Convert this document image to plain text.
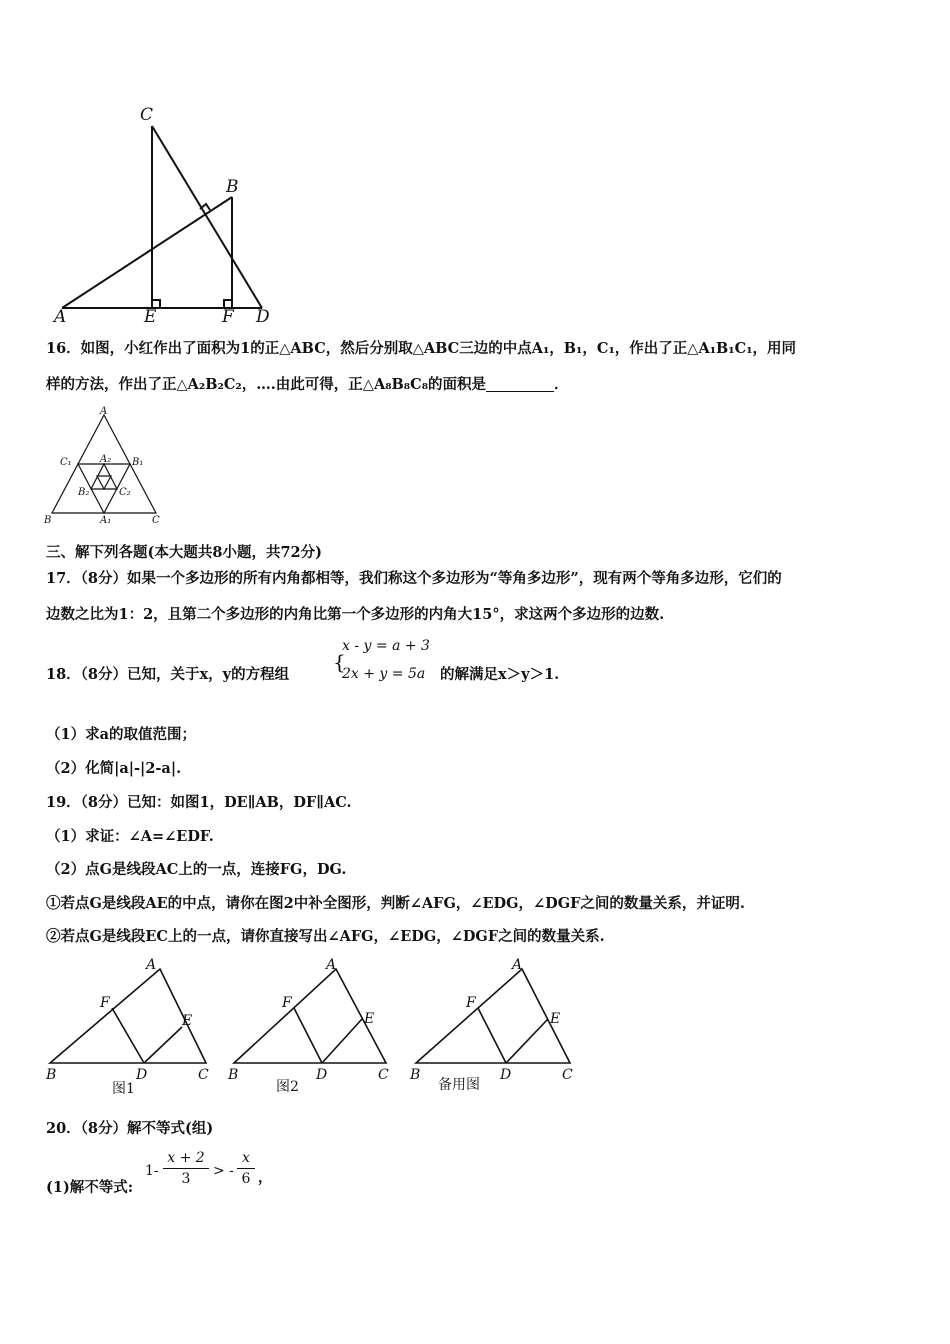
C
B
A	E	F D
16．如图，小红作出了面积为1的正△ABC，然后分别取△ABC三边的中点A₁，B₁，C₁，作出了正△A₁B₁C₁，用同
样的方法，作出了正△A₂B₂C₂，….由此可得，正△A₈B₈C₈的面积是	．
A
C₁	B₁
A₂
B₂	C₂
B	A₁	C
三、解下列各题(本大题共8小题，共72分)
17．（8分）如果一个多边形的所有内角都相等，我们称这个多边形为“等角多边形”，现有两个等角多边形，它们的
边数之比为1：2，且第二个多边形的内角比第一个多边形的内角大15°，求这两个多边形的边数.
18．（8分）已知，关于x，y的方程组
{
x - y = a + 3
2x + y = 5a 的解满足x＞y＞1.
（1）求a的取值范围；
（2）化简|a|-|2-a|.
19．（8分）已知：如图1，DE∥AB，DF∥AC.
（1）求证：∠A=∠EDF.
（2）点G是线段AC上的一点，连接FG，DG.
①若点G是线段AE的中点，请你在图2中补全图形，判断∠AFG，∠EDG，∠DGF之间的数量关系，并证明.
②若点G是线段EC上的一点，请你直接写出∠AFG，∠EDG，∠DGF之间的数量关系.
A
F
E
B	D	C
图1
A
F
E
B	D	C
图2
A
F
E
B	D	C
备用图
20．（8分）解不等式(组)
(1)解不等式:
1-
x + 2
3	> -
x
6 ，
